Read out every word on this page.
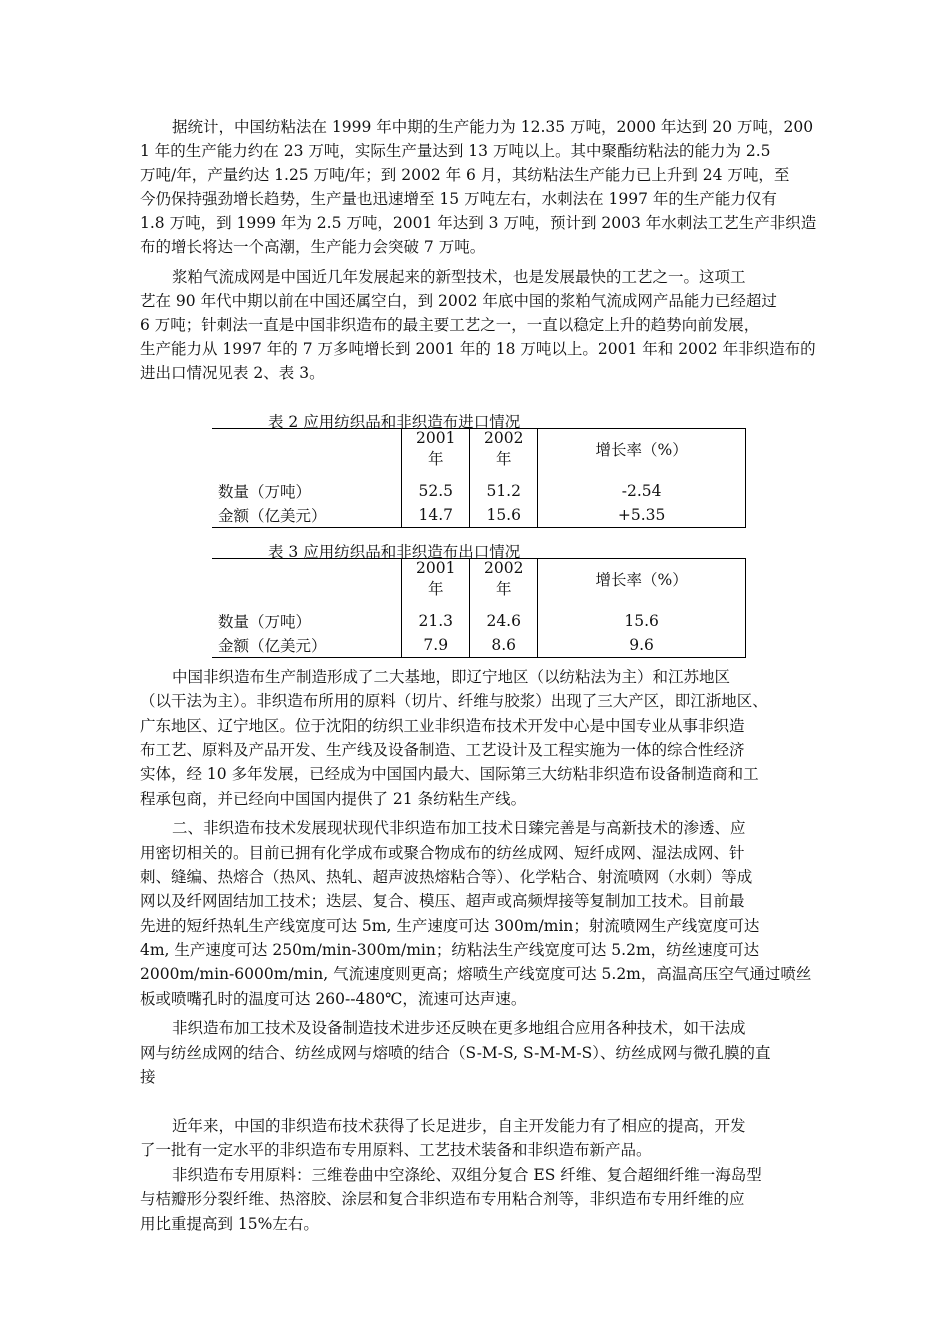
据统计，中国纺粘法在 1999 年中期的生产能力为 12.35 万吨，2000 年达到 20 万吨，200
1 年的生产能力约在 23 万吨，实际生产量达到 13 万吨以上。其中聚酯纺粘法的能力为 2.5
万吨/年，产量约达 1.25 万吨/年；到 2002 年 6 月，其纺粘法生产能力已上升到 24 万吨，至
今仍保持强劲增长趋势，生产量也迅速增至 15 万吨左右，水刺法在 1997 年的生产能力仅有
1.8 万吨，到 1999 年为 2.5 万吨，2001 年达到 3 万吨，预计到 2003 年水刺法工艺生产非织造
布的增长将达一个高潮，生产能力会突破 7 万吨。
浆粕气流成网是中国近几年发展起来的新型技术，也是发展最快的工艺之一。这项工
艺在 90 年代中期以前在中国还属空白，到 2002 年底中国的浆粕气流成网产品能力已经超过
6 万吨；针刺法一直是中国非织造布的最主要工艺之一，一直以稳定上升的趋势向前发展，
生产能力从 1997 年的 7 万多吨增长到 2001 年的 18 万吨以上。2001 年和 2002 年非织造布的
进出口情况见表 2、表 3。
表 2 应用纺织品和非织造布进口情况
	2001 年	2002 年	增长率（%）

数量（万吨）	52.5	51.2	-2.54
金额（亿美元）	14.7	15.6	+5.35
表 3 应用纺织品和非织造布出口情况
	2001 年	2002 年	增长率（%）

数量（万吨）	21.3	24.6	15.6
金额（亿美元）	7.9	8.6	9.6
中国非织造布生产制造形成了二大基地，即辽宁地区（以纺粘法为主）和江苏地区
（以干法为主）。非织造布所用的原料（切片、纤维与胶浆）出现了三大产区，即江浙地区、
广东地区、辽宁地区。位于沈阳的纺织工业非织造布技术开发中心是中国专业从事非织造
布工艺、原料及产品开发、生产线及设备制造、工艺设计及工程实施为一体的综合性经济
实体，经 10 多年发展，已经成为中国国内最大、国际第三大纺粘非织造布设备制造商和工
程承包商，并已经向中国国内提供了 21 条纺粘生产线。
二、非织造布技术发展现状现代非织造布加工技术日臻完善是与高新技术的渗透、应
用密切相关的。目前已拥有化学成布或聚合物成布的纺丝成网、短纤成网、湿法成网、针
刺、缝编、热熔合（热风、热轧、超声波热熔粘合等）、化学粘合、射流喷网（水刺）等成
网以及纤网固结加工技术；迭层、复合、模压、超声或高频焊接等复制加工技术。目前最
先进的短纤热轧生产线宽度可达 5m, 生产速度可达 300m/min；射流喷网生产线宽度可达
4m, 生产速度可达 250m/min-300m/min；纺粘法生产线宽度可达 5.2m，纺丝速度可达
2000m/min-6000m/min, 气流速度则更高；熔喷生产线宽度可达 5.2m，高温高压空气通过喷丝
板或喷嘴孔时的温度可达 260--480℃，流速可达声速。
非织造布加工技术及设备制造技术进步还反映在更多地组合应用各种技术，如干法成
网与纺丝成网的结合、纺丝成网与熔喷的结合（S-M-S, S-M-M-S）、纺丝成网与微孔膜的直
接
近年来，中国的非织造布技术获得了长足进步，自主开发能力有了相应的提高，开发
了一批有一定水平的非织造布专用原料、工艺技术装备和非织造布新产品。
非织造布专用原料：三维卷曲中空涤纶、双组分复合 ES 纤维、复合超细纤维一海岛型
与桔瓣形分裂纤维、热溶胶、涂层和复合非织造布专用粘合剂等，非织造布专用纤维的应
用比重提高到 15%左右。
